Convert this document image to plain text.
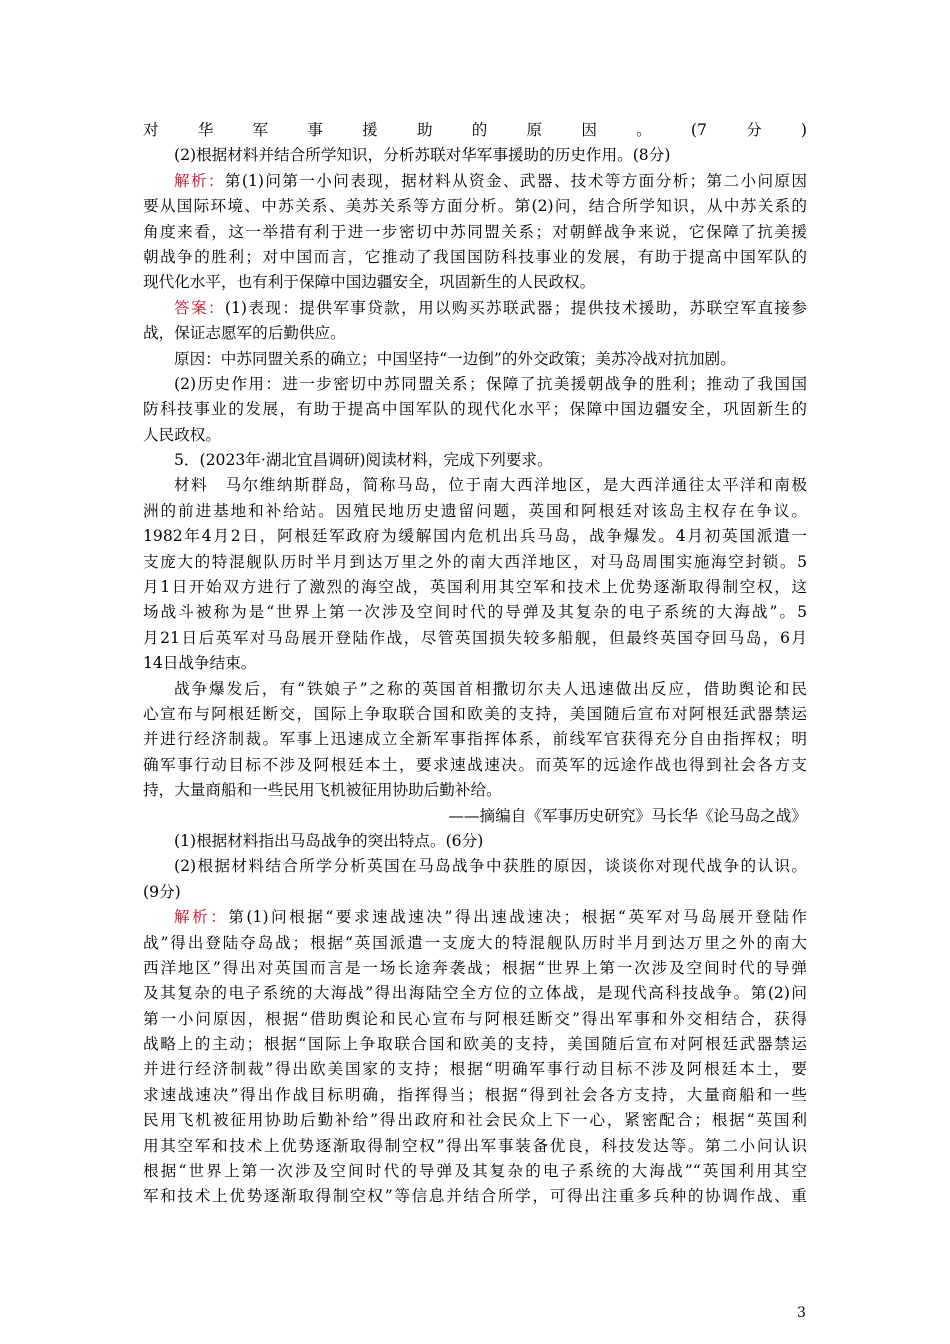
对华军事援助的原因。(7分)
(2)根据材料并结合所学知识，分析苏联对华军事援助的历史作用。(8分)
解析：第(1)问第一小问表现，据材料从资金、武器、技术等方面分析；第二小问原因
要从国际环境、中苏关系、美苏关系等方面分析。第(2)问，结合所学知识，从中苏关系的
角度来看，这一举措有利于进一步密切中苏同盟关系；对朝鲜战争来说，它保障了抗美援
朝战争的胜利；对中国而言，它推动了我国国防科技事业的发展，有助于提高中国军队的
现代化水平，也有利于保障中国边疆安全，巩固新生的人民政权。
答案：(1)表现：提供军事贷款，用以购买苏联武器；提供技术援助，苏联空军直接参
战，保证志愿军的后勤供应。
原因：中苏同盟关系的确立；中国坚持“一边倒”的外交政策；美苏冷战对抗加剧。
(2)历史作用：进一步密切中苏同盟关系；保障了抗美援朝战争的胜利；推动了我国国
防科技事业的发展，有助于提高中国军队的现代化水平；保障中国边疆安全，巩固新生的
人民政权。
5．(2023年·湖北宜昌调研)阅读材料，完成下列要求。
材料　马尔维纳斯群岛，简称马岛，位于南大西洋地区，是大西洋通往太平洋和南极
洲的前进基地和补给站。因殖民地历史遗留问题，英国和阿根廷对该岛主权存在争议。
1982年4月2日，阿根廷军政府为缓解国内危机出兵马岛，战争爆发。4月初英国派遣一
支庞大的特混舰队历时半月到达万里之外的南大西洋地区，对马岛周围实施海空封锁。5
月1日开始双方进行了激烈的海空战，英国利用其空军和技术上优势逐渐取得制空权，这
场战斗被称为是“世界上第一次涉及空间时代的导弹及其复杂的电子系统的大海战”。5
月21日后英军对马岛展开登陆作战，尽管英国损失较多船舰，但最终英国夺回马岛，6月
14日战争结束。
战争爆发后，有“铁娘子”之称的英国首相撒切尔夫人迅速做出反应，借助舆论和民
心宣布与阿根廷断交，国际上争取联合国和欧美的支持，美国随后宣布对阿根廷武器禁运
并进行经济制裁。军事上迅速成立全新军事指挥体系，前线军官获得充分自由指挥权；明
确军事行动目标不涉及阿根廷本土，要求速战速决。而英军的远途作战也得到社会各方支
持，大量商船和一些民用飞机被征用协助后勤补给。
——摘编自《军事历史研究》马长华《论马岛之战》
(1)根据材料指出马岛战争的突出特点。(6分)
(2)根据材料结合所学分析英国在马岛战争中获胜的原因，谈谈你对现代战争的认识。
(9分)
解析：第(1)问根据“要求速战速决”得出速战速决；根据“英军对马岛展开登陆作
战”得出登陆夺岛战；根据“英国派遣一支庞大的特混舰队历时半月到达万里之外的南大
西洋地区”得出对英国而言是一场长途奔袭战；根据“世界上第一次涉及空间时代的导弹
及其复杂的电子系统的大海战”得出海陆空全方位的立体战，是现代高科技战争。第(2)问
第一小问原因，根据“借助舆论和民心宣布与阿根廷断交”得出军事和外交相结合，获得
战略上的主动；根据“国际上争取联合国和欧美的支持，美国随后宣布对阿根廷武器禁运
并进行经济制裁”得出欧美国家的支持；根据“明确军事行动目标不涉及阿根廷本土，要
求速战速决”得出作战目标明确，指挥得当；根据“得到社会各方支持，大量商船和一些
民用飞机被征用协助后勤补给”得出政府和社会民众上下一心，紧密配合；根据“英国利
用其空军和技术上优势逐渐取得制空权”得出军事装备优良，科技发达等。第二小问认识
根据“世界上第一次涉及空间时代的导弹及其复杂的电子系统的大海战”“英国利用其空
军和技术上优势逐渐取得制空权”等信息并结合所学，可得出注重多兵种的协调作战、重
3
